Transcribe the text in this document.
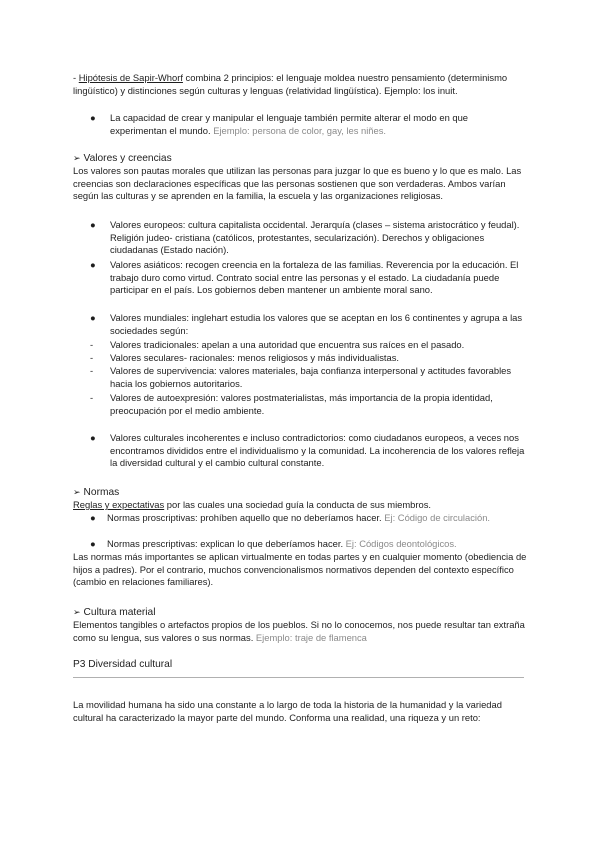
- Hipótesis de Sapir-Whorf combina 2 principios: el lenguaje moldea nuestro pensamiento (determinismo lingüístico) y distinciones según culturas y lenguas (relatividad lingüística). Ejemplo: los inuit.

● La capacidad de crear y manipular el lenguaje también permite alterar el modo en que experimentan el mundo. Ejemplo: persona de color, gay, les niñes.

➢ Valores y creencias

Los valores son pautas morales que utilizan las personas para juzgar lo que es bueno y lo que es malo. Las creencias son declaraciones específicas que las personas sostienen que son verdaderas. Ambos varían según las culturas y se aprenden en la familia, la escuela y las organizaciones religiosas.

● Valores europeos: cultura capitalista occidental. Jerarquía (clases – sistema aristocrático y feudal). Religión judeo- cristiana (católicos, protestantes, secularización). Derechos y obligaciones ciudadanas (Estado nación).

● Valores asiáticos: recogen creencia en la fortaleza de las familias. Reverencia por la educación. El trabajo duro como virtud. Contrato social entre las personas y el estado. La ciudadanía puede participar en el país. Los gobiernos deben mantener un ambiente moral sano.

● Valores mundiales: inglehart estudia los valores que se aceptan en los 6 continentes y agrupa a las sociedades según:

- Valores tradicionales: apelan a una autoridad que encuentra sus raíces en el pasado.

- Valores seculares- racionales: menos religiosos y más individualistas.

- Valores de supervivencia: valores materiales, baja confianza interpersonal y actitudes favorables hacia los gobiernos autoritarios.

- Valores de autoexpresión: valores postmaterialistas, más importancia de la propia identidad, preocupación por el medio ambiente.

● Valores culturales incoherentes e incluso contradictorios: como ciudadanos europeos, a veces nos encontramos divididos entre el individualismo y la comunidad. La incoherencia de los valores refleja la diversidad cultural y el cambio cultural constante.

➢ Normas

Reglas y expectativas por las cuales una sociedad guía la conducta de sus miembros.

● Normas proscriptivas: prohíben aquello que no deberíamos hacer. Ej: Código de circulación.

● Normas prescriptivas: explican lo que deberíamos hacer. Ej: Códigos deontológicos.

Las normas más importantes se aplican virtualmente en todas partes y en cualquier momento (obediencia de hijos a padres). Por el contrario, muchos convencionalismos normativos dependen del contexto específico (cambio en relaciones familiares).

➢ Cultura material

Elementos tangibles o artefactos propios de los pueblos. Si no lo conocemos, nos puede resultar tan extraña como su lengua, sus valores o sus normas. Ejemplo: traje de flamenca

P3 Diversidad cultural

La movilidad humana ha sido una constante a lo largo de toda la historia de la humanidad y la variedad cultural ha caracterizado la mayor parte del mundo. Conforma una realidad, una riqueza y un reto:
